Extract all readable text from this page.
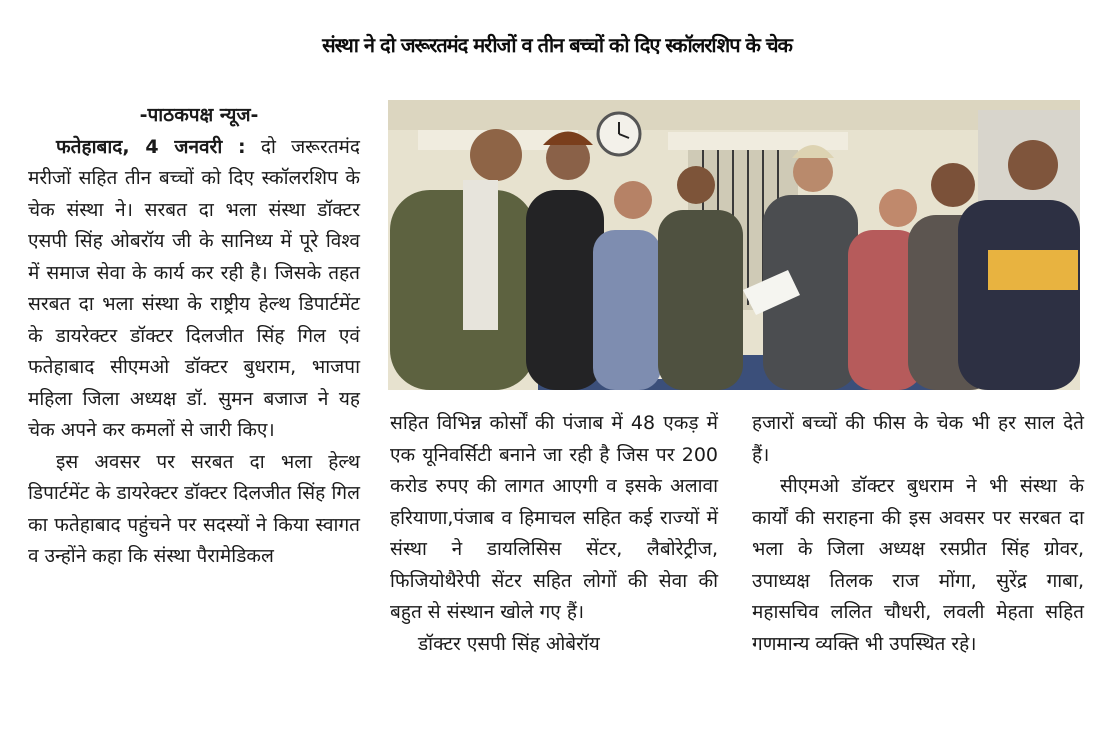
संस्था ने दो जरूरतमंद मरीजों व तीन बच्चों को दिए स्कॉलरशिप के चेक

-पाठकपक्ष न्यूज-

फतेहाबाद, 4 जनवरी : दो जरूरतमंद मरीजों सहित तीन बच्चों को दिए स्कॉलरशिप के चेक संस्था ने। सरबत दा भला संस्था डॉक्टर एसपी सिंह ओबरॉय जी के सानिध्य में पूरे विश्व में समाज सेवा के कार्य कर रही है। जिसके तहत सरबत दा भला संस्था के राष्ट्रीय हेल्थ डिपार्टमेंट के डायरेक्टर डॉक्टर दिलजीत सिंह गिल एवं फतेहाबाद सीएमओ डॉक्टर बुधराम, भाजपा महिला जिला अध्यक्ष डॉ. सुमन बजाज ने यह चेक अपने कर कमलों से जारी किए।

इस अवसर पर सरबत दा भला हेल्थ डिपार्टमेंट के डायरेक्टर डॉक्टर दिलजीत सिंह गिल का फतेहाबाद पहुंचने पर सदस्यों ने किया स्वागत व उन्होंने कहा कि संस्था पैरामेडिकल

सहित विभिन्न कोर्सों की पंजाब में 48 एकड़ में एक यूनिवर्सिटी बनाने जा रही है जिस पर 200 करोड रुपए की लागत आएगी व इसके अलावा हरियाणा,पंजाब व हिमाचल सहित कई राज्यों में संस्था ने डायलिसिस सेंटर, लैबोरेट्रीज, फिजियोथैरेपी सेंटर सहित लोगों की सेवा की बहुत से संस्थान खोले गए हैं।

डॉक्टर एसपी सिंह ओबेरॉय

हजारों बच्चों की फीस के चेक भी हर साल देते हैं।

सीएमओ डॉक्टर बुधराम ने भी संस्था के कार्यों की सराहना की इस अवसर पर सरबत दा भला के जिला अध्यक्ष रसप्रीत सिंह ग्रोवर, उपाध्यक्ष तिलक राज मोंगा, सुरेंद्र गाबा, महासचिव ललित चौधरी, लवली मेहता सहित गणमान्य व्यक्ति भी उपस्थित रहे।
